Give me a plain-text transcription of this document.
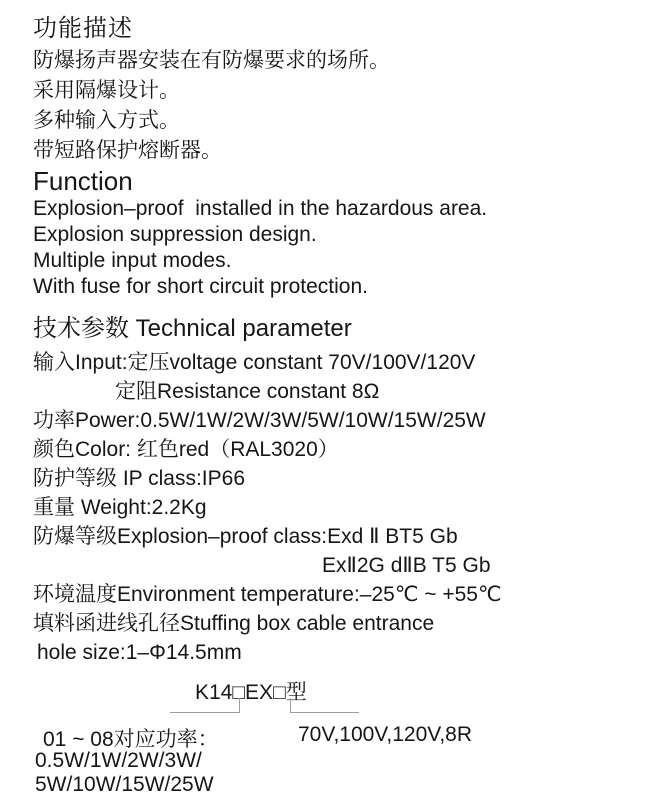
功能描述
防爆扬声器安装在有防爆要求的场所。
采用隔爆设计。
多种输入方式。
带短路保护熔断器。
Function
Explosion–proof  installed in the hazardous area.
Explosion suppression design.
Multiple input modes.
With fuse for short circuit protection.
技术参数 Technical parameter
输入Input:定压voltage constant 70V/100V/120V
定阻Resistance constant 8Ω
功率Power:0.5W/1W/2W/3W/5W/10W/15W/25W
颜色Color: 红色red（RAL3020）
防护等级 IP class:IP66
重量 Weight:2.2Kg
防爆等级Explosion–proof class:Exd Ⅱ BT5 Gb
ExⅡ2G dⅡB T5 Gb
环境温度Environment temperature:–25℃ ~ +55℃
填料函进线孔径Stuffing box cable entrance
hole size:1–Φ14.5mm
K14□EX□型
01 ~ 08对应功率：
0.5W/1W/2W/3W/
5W/10W/15W/25W
70V,100V,120V,8R
